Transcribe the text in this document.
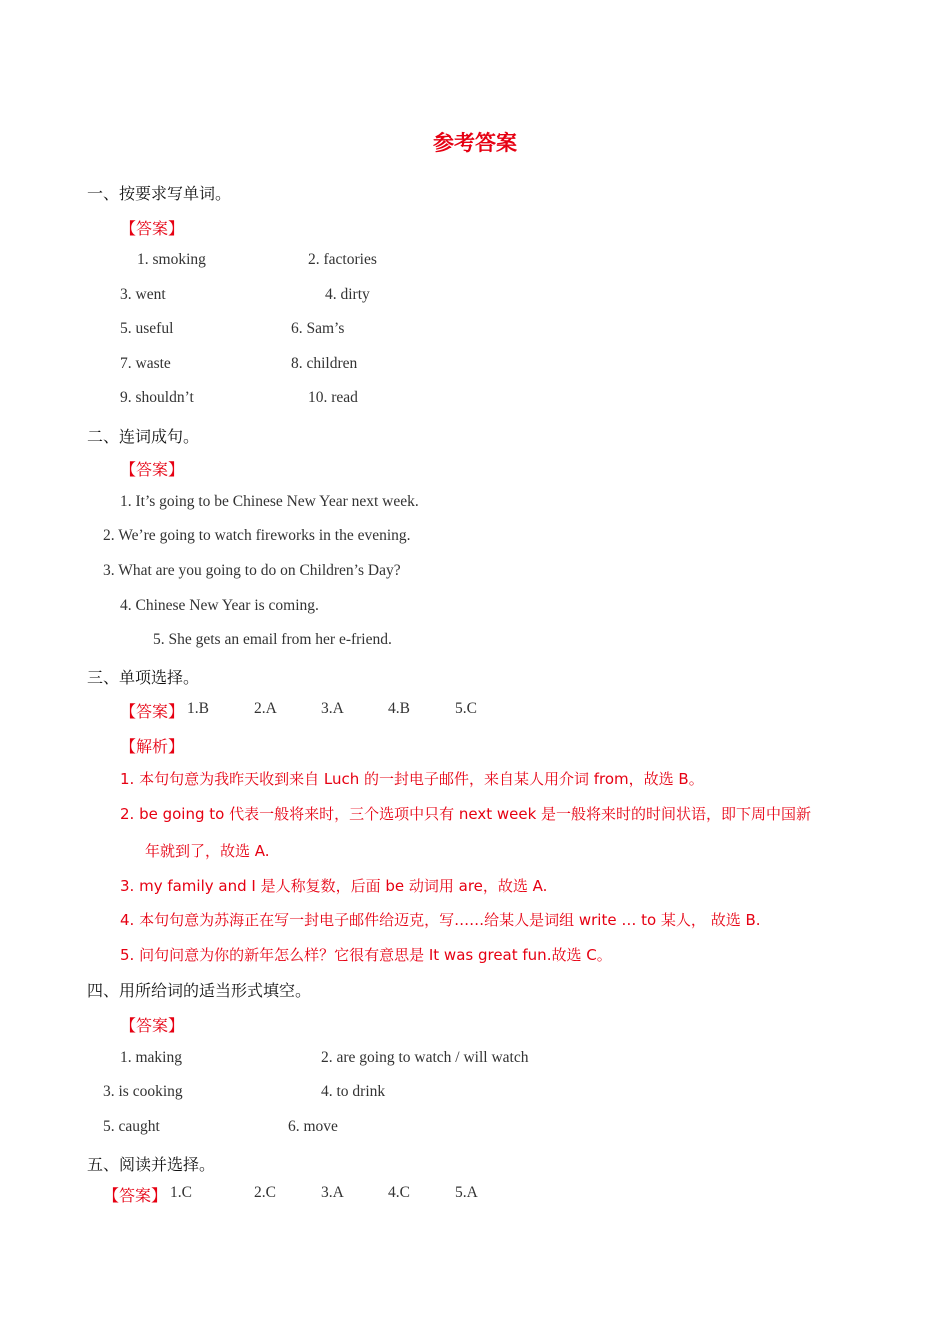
参考答案
一、按要求写单词。
【答案】
1. smoking	2. factories
3. went	4. dirty
5. useful	6. Sam’s
7. waste	8. children
9. shouldn’t	10. read
二、连词成句。
【答案】
1. It’s going to be Chinese New Year next week.
2. We’re going to watch fireworks in the evening.
3. What are you going to do on Children’s Day?
4. Chinese New Year is coming.
5. She gets an email from her e-friend.
三、单项选择。
【答案】 1.B	2.A	3.A	4.B	5.C
【解析】
1. 本句句意为我昨天收到来自 Luch 的一封电子邮件，来自某人用介词 from，故选 B。
2. be going to 代表一般将来时，三个选项中只有 next week 是一般将来时的时间状语，即下周中国新
年就到了，故选 A.
3. my family and I 是人称复数，后面 be 动词用 are，故选 A.
4. 本句句意为苏海正在写一封电子邮件给迈克，写……给某人是词组 write … to 某人， 故选 B.
5. 问句问意为你的新年怎么样？它很有意思是 It was great fun.故选 C。
四、用所给词的适当形式填空。
【答案】
1. making	2. are going to watch / will watch
3. is cooking	4. to drink
5. caught	6. move
五、阅读并选择。
【答案】 1.C	2.C	3.A	4.C	5.A
